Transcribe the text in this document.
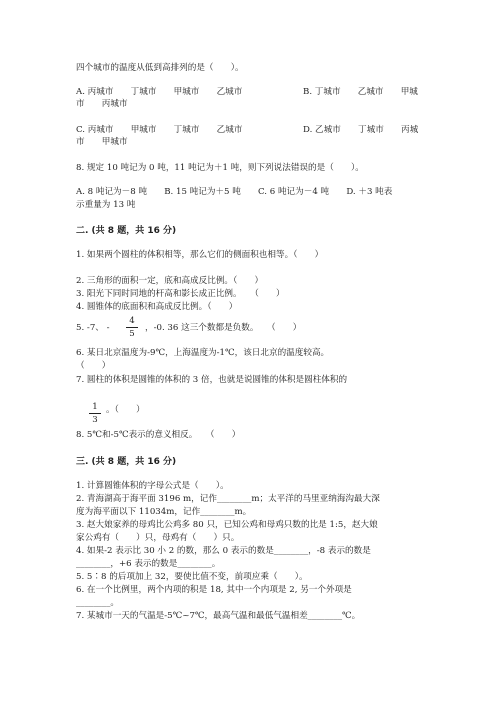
四个城市的温度从低到高排列的是（　　）。
A. 丙城市　　丁城市　　甲城市　　乙城市	B. 丁城市　　乙城市　　甲城
市　　丙城市
C. 丙城市　　甲城市　　丁城市　　乙城市	D. 乙城市　　丁城市　　丙城
市　　甲城市
8. 规定 10 吨记为 0 吨，11 吨记为＋1 吨，则下列说法错误的是（　　）。
A. 8 吨记为－8 吨　　B. 15 吨记为＋5 吨　　C. 6 吨记为－4 吨　　D. ＋3 吨表
示重量为 13 吨
二. (共 8 题，共 16 分)
1. 如果两个圆柱的体积相等，那么它们的侧面积也相等。（　　）
2. 三角形的面积一定，底和高成反比例。（　　）
3. 阳光下同时同地的杆高和影长成正比例。　　（　　）
4. 圆锥体的底面积和高成反比例。（　　）
5. -7、 -
4
5
，-0. 36 这三个数都是负数。　　（　　）
6. 某日北京温度为-9℃，上海温度为-1℃，该日北京的温度较高。
（　　）
7. 圆柱的体积是圆锥的体积的 3 倍，也就是说圆锥的体积是圆柱体积的
1
3
。（　　）
8. 5℃和-5℃表示的意义相反。　　（　　）
三. (共 8 题，共 16 分)
1. 计算圆锥体积的字母公式是（　　）。
2. 青海湖高于海平面 3196 m，记作________m；太平洋的马里亚纳海沟最大深
度为海平面以下 11034m，记作________m。
3. 赵大娘家养的母鸡比公鸡多 80 只，已知公鸡和母鸡只数的比是 1:5，赵大娘
家公鸡有（　　）只，母鸡有（　　）只。
4. 如果-2 表示比 30 小 2 的数，那么 0 表示的数是________，-8 表示的数是
________，+6 表示的数是________。
5. 5∶8 的后项加上 32，要使比值不变，前项应乘（　　）。
6. 在一个比例里，两个内项的积是 18, 其中一个内项是 2, 另一个外项是
________。
7. 某城市一天的气温是-5℃~7℃，最高气温和最低气温相差________℃。
